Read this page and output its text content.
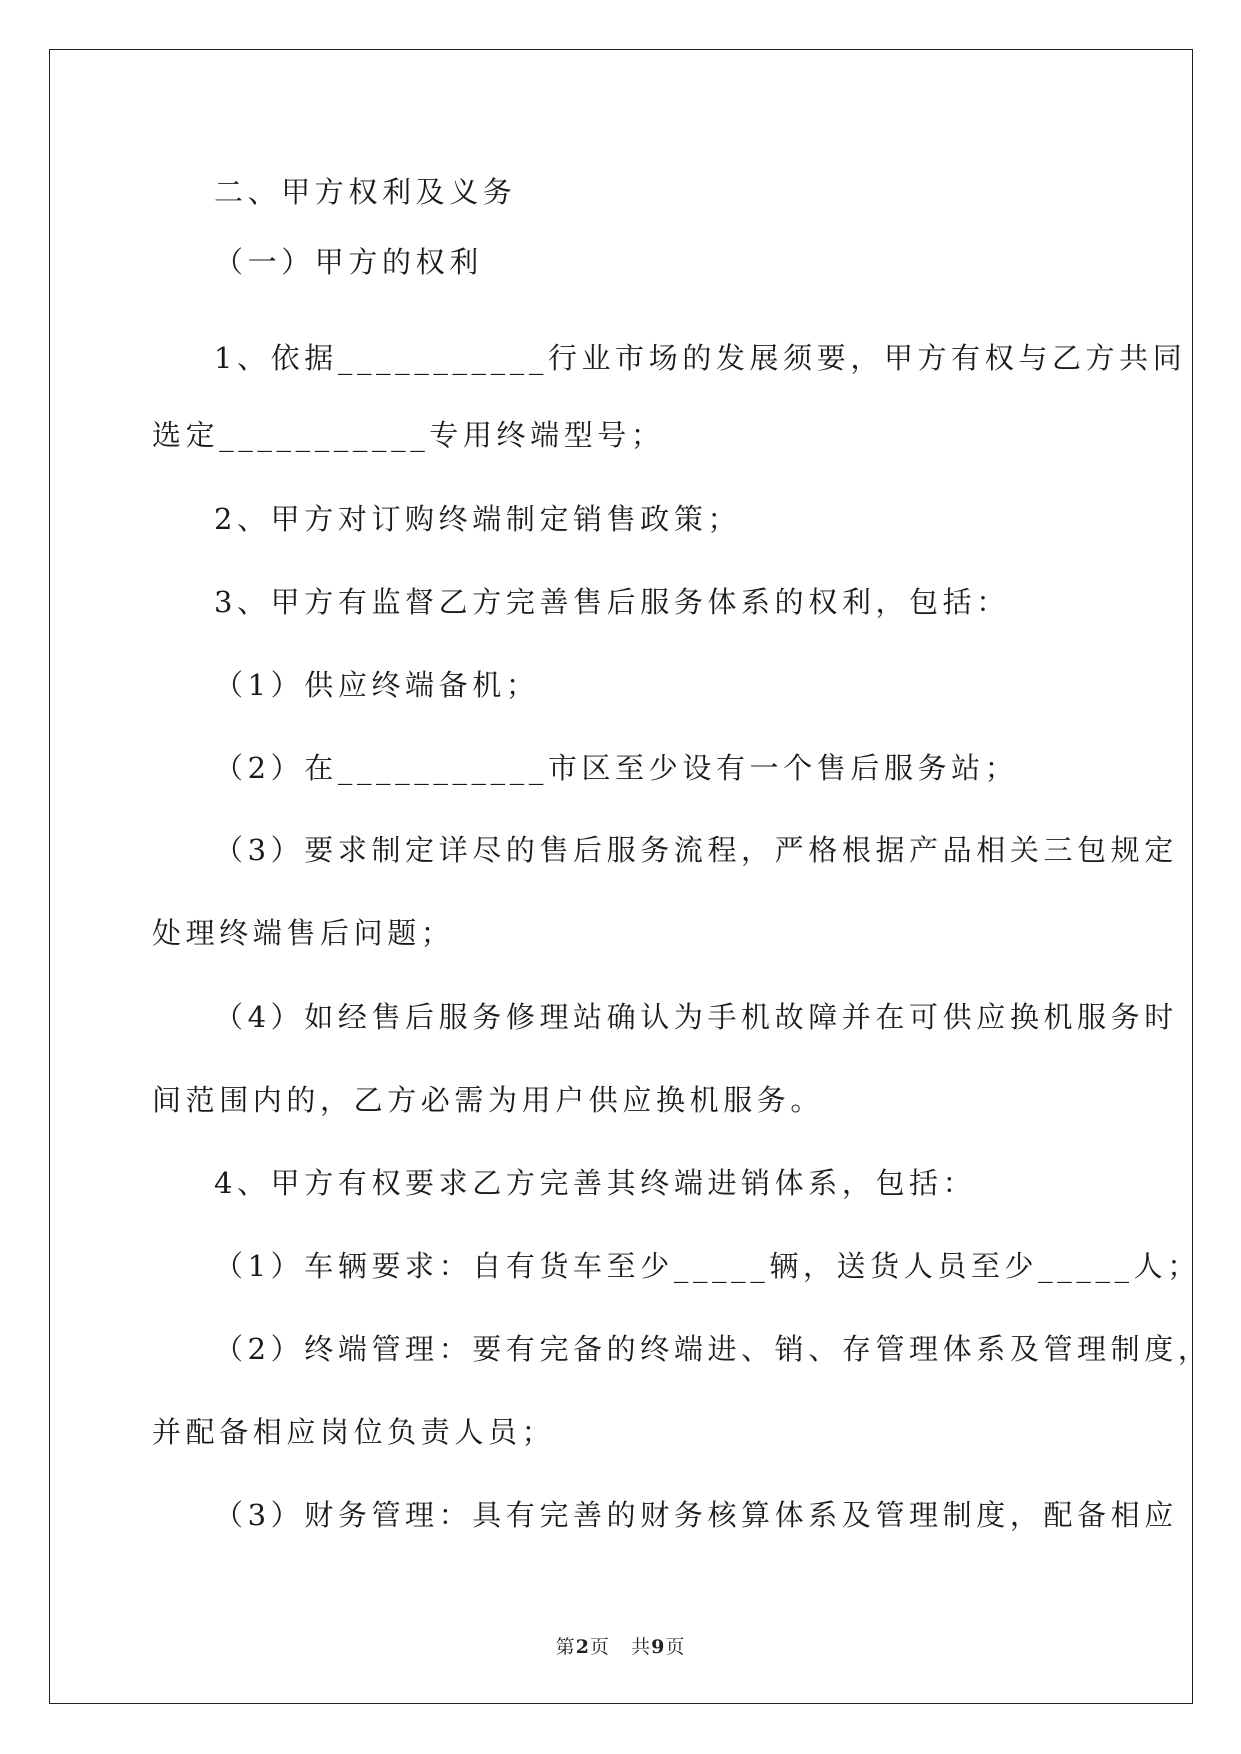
二、甲方权利及义务
（一）甲方的权利
1、依据___________行业市场的发展须要，甲方有权与乙方共同
选定___________专用终端型号；
2、甲方对订购终端制定销售政策；
3、甲方有监督乙方完善售后服务体系的权利，包括：
（1）供应终端备机；
（2）在___________市区至少设有一个售后服务站；
（3）要求制定详尽的售后服务流程，严格根据产品相关三包规定
处理终端售后问题；
（4）如经售后服务修理站确认为手机故障并在可供应换机服务时
间范围内的，乙方必需为用户供应换机服务。
4、甲方有权要求乙方完善其终端进销体系，包括：
（1）车辆要求：自有货车至少_____辆，送货人员至少_____人；
（2）终端管理：要有完备的终端进、销、存管理体系及管理制度，
并配备相应岗位负责人员；
（3）财务管理：具有完善的财务核算体系及管理制度，配备相应
第2页 共9页
